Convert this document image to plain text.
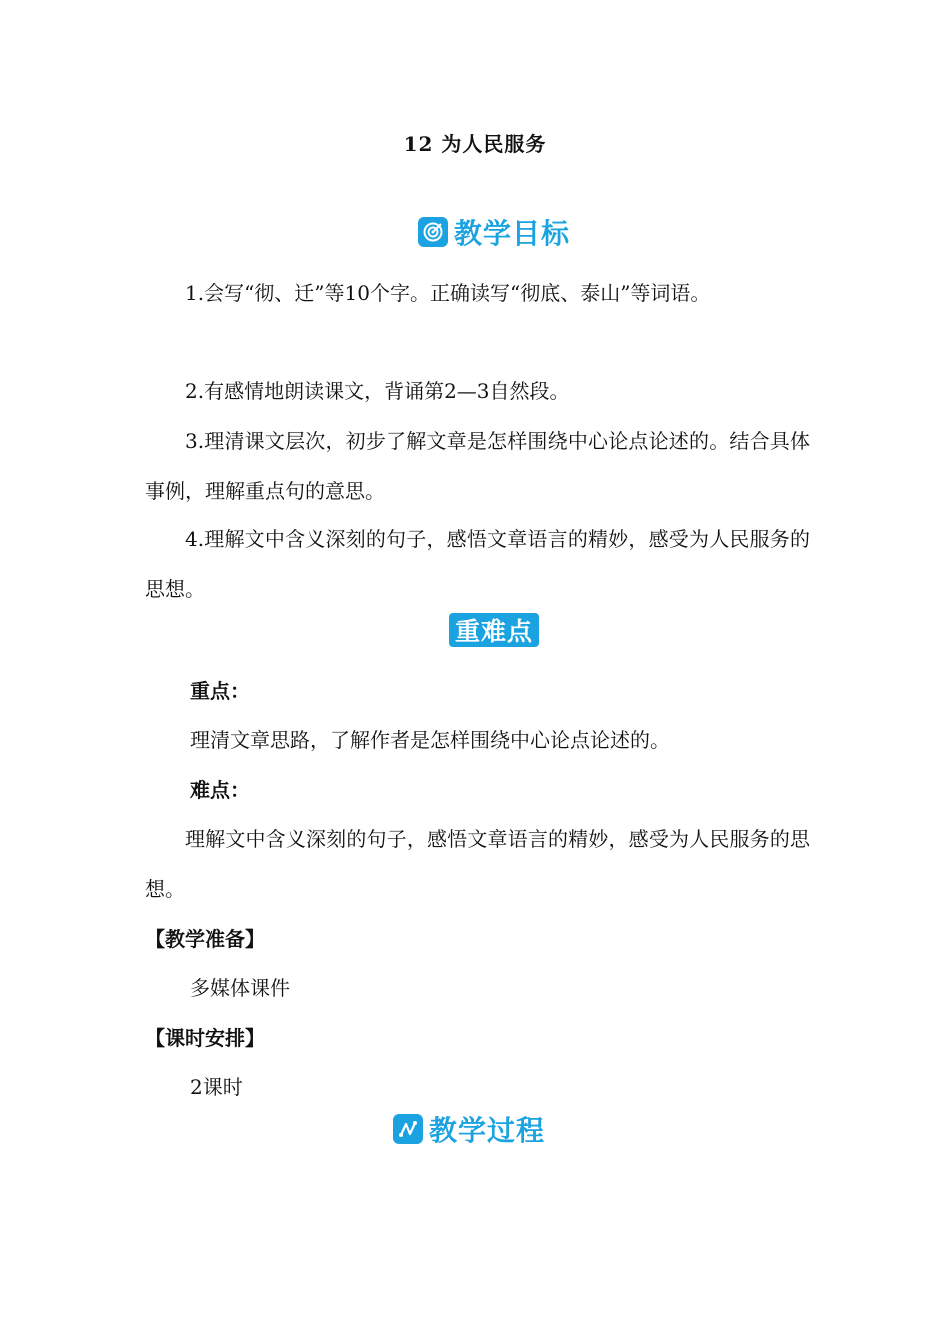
12 为人民服务
教学目标
1.会写“彻、迁”等10个字。正确读写“彻底、泰山”等词语。
2.有感情地朗读课文，背诵第2—3自然段。
3.理清课文层次，初步了解文章是怎样围绕中心论点论述的。结合具体事例，理解重点句的意思。
4.理解文中含义深刻的句子，感悟文章语言的精妙，感受为人民服务的思想。
重难点
重点：
理清文章思路，了解作者是怎样围绕中心论点论述的。
难点：
理解文中含义深刻的句子，感悟文章语言的精妙，感受为人民服务的思想。
【教学准备】
多媒体课件
【课时安排】
2课时
教学过程
